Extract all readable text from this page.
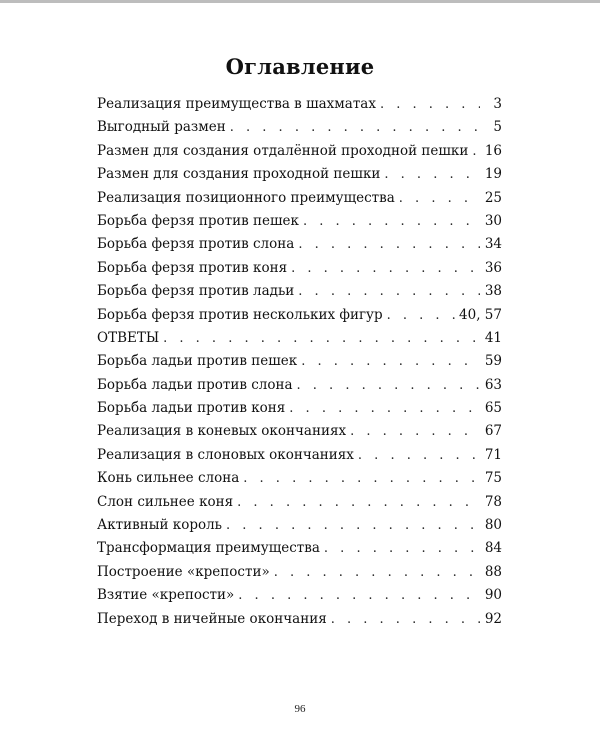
Оглавление
Реализация преимущества в шахматах . . .	3
Выгодный размен . . .	5
Размен для создания отдалённой проходной пешки . . . 16
Размен для создания проходной пешки . . .	19
Реализация позиционного преимущества . . .	25
Борьба ферзя против пешек . . .	30
Борьба ферзя против слона . . .	34
Борьба ферзя против коня . . .	36
Борьба ферзя против ладьи . . .	38
Борьба ферзя против нескольких фигур . . .	40, 57
ОТВЕТЫ . . .	41
Борьба ладьи против пешек . . .	59
Борьба ладьи против слона . . .	63
Борьба ладьи против коня . . .	65
Реализация в коневых окончаниях . . .	67
Реализация в слоновых окончаниях . . .	71
Конь сильнее слона . . .	75
Слон сильнее коня . . .	78
Активный король . . .	80
Трансформация преимущества . . .	84
Построение «крепости» . . .	88
Взятие «крепости» . . .	90
Переход в ничейные окончания . . .	92
96
